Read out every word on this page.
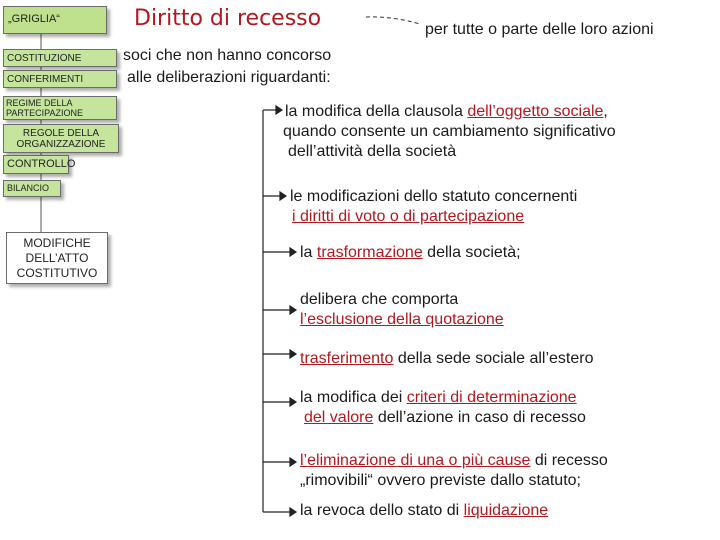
„GRIGLIA“
COSTITUZIONE
CONFERIMENTI
REGIME DELLA
PARTECIPAZIONE
REGOLE DELLA
ORGANIZZAZIONE
CONTROLLO
BILANCIO
MODIFICHE
DELL’ATTO
COSTITUTIVO
Diritto di recesso	per tutte o parte delle loro azioni
soci che non hanno concorso
alle deliberazioni riguardanti:
la modifica della clausola dell’oggetto sociale,
quando consente un cambiamento significativo
dell’attività della società
le modificazioni dello statuto concernenti
i diritti di voto o di partecipazione
la trasformazione della società;
delibera che comporta
l’esclusione della quotazione
trasferimento della sede sociale all’estero
la modifica dei criteri di determinazione
del valore dell’azione in caso di recesso
l’eliminazione di una o più cause di recesso
„rimovibili“ ovvero previste dallo statuto;
la revoca dello stato di liquidazione
